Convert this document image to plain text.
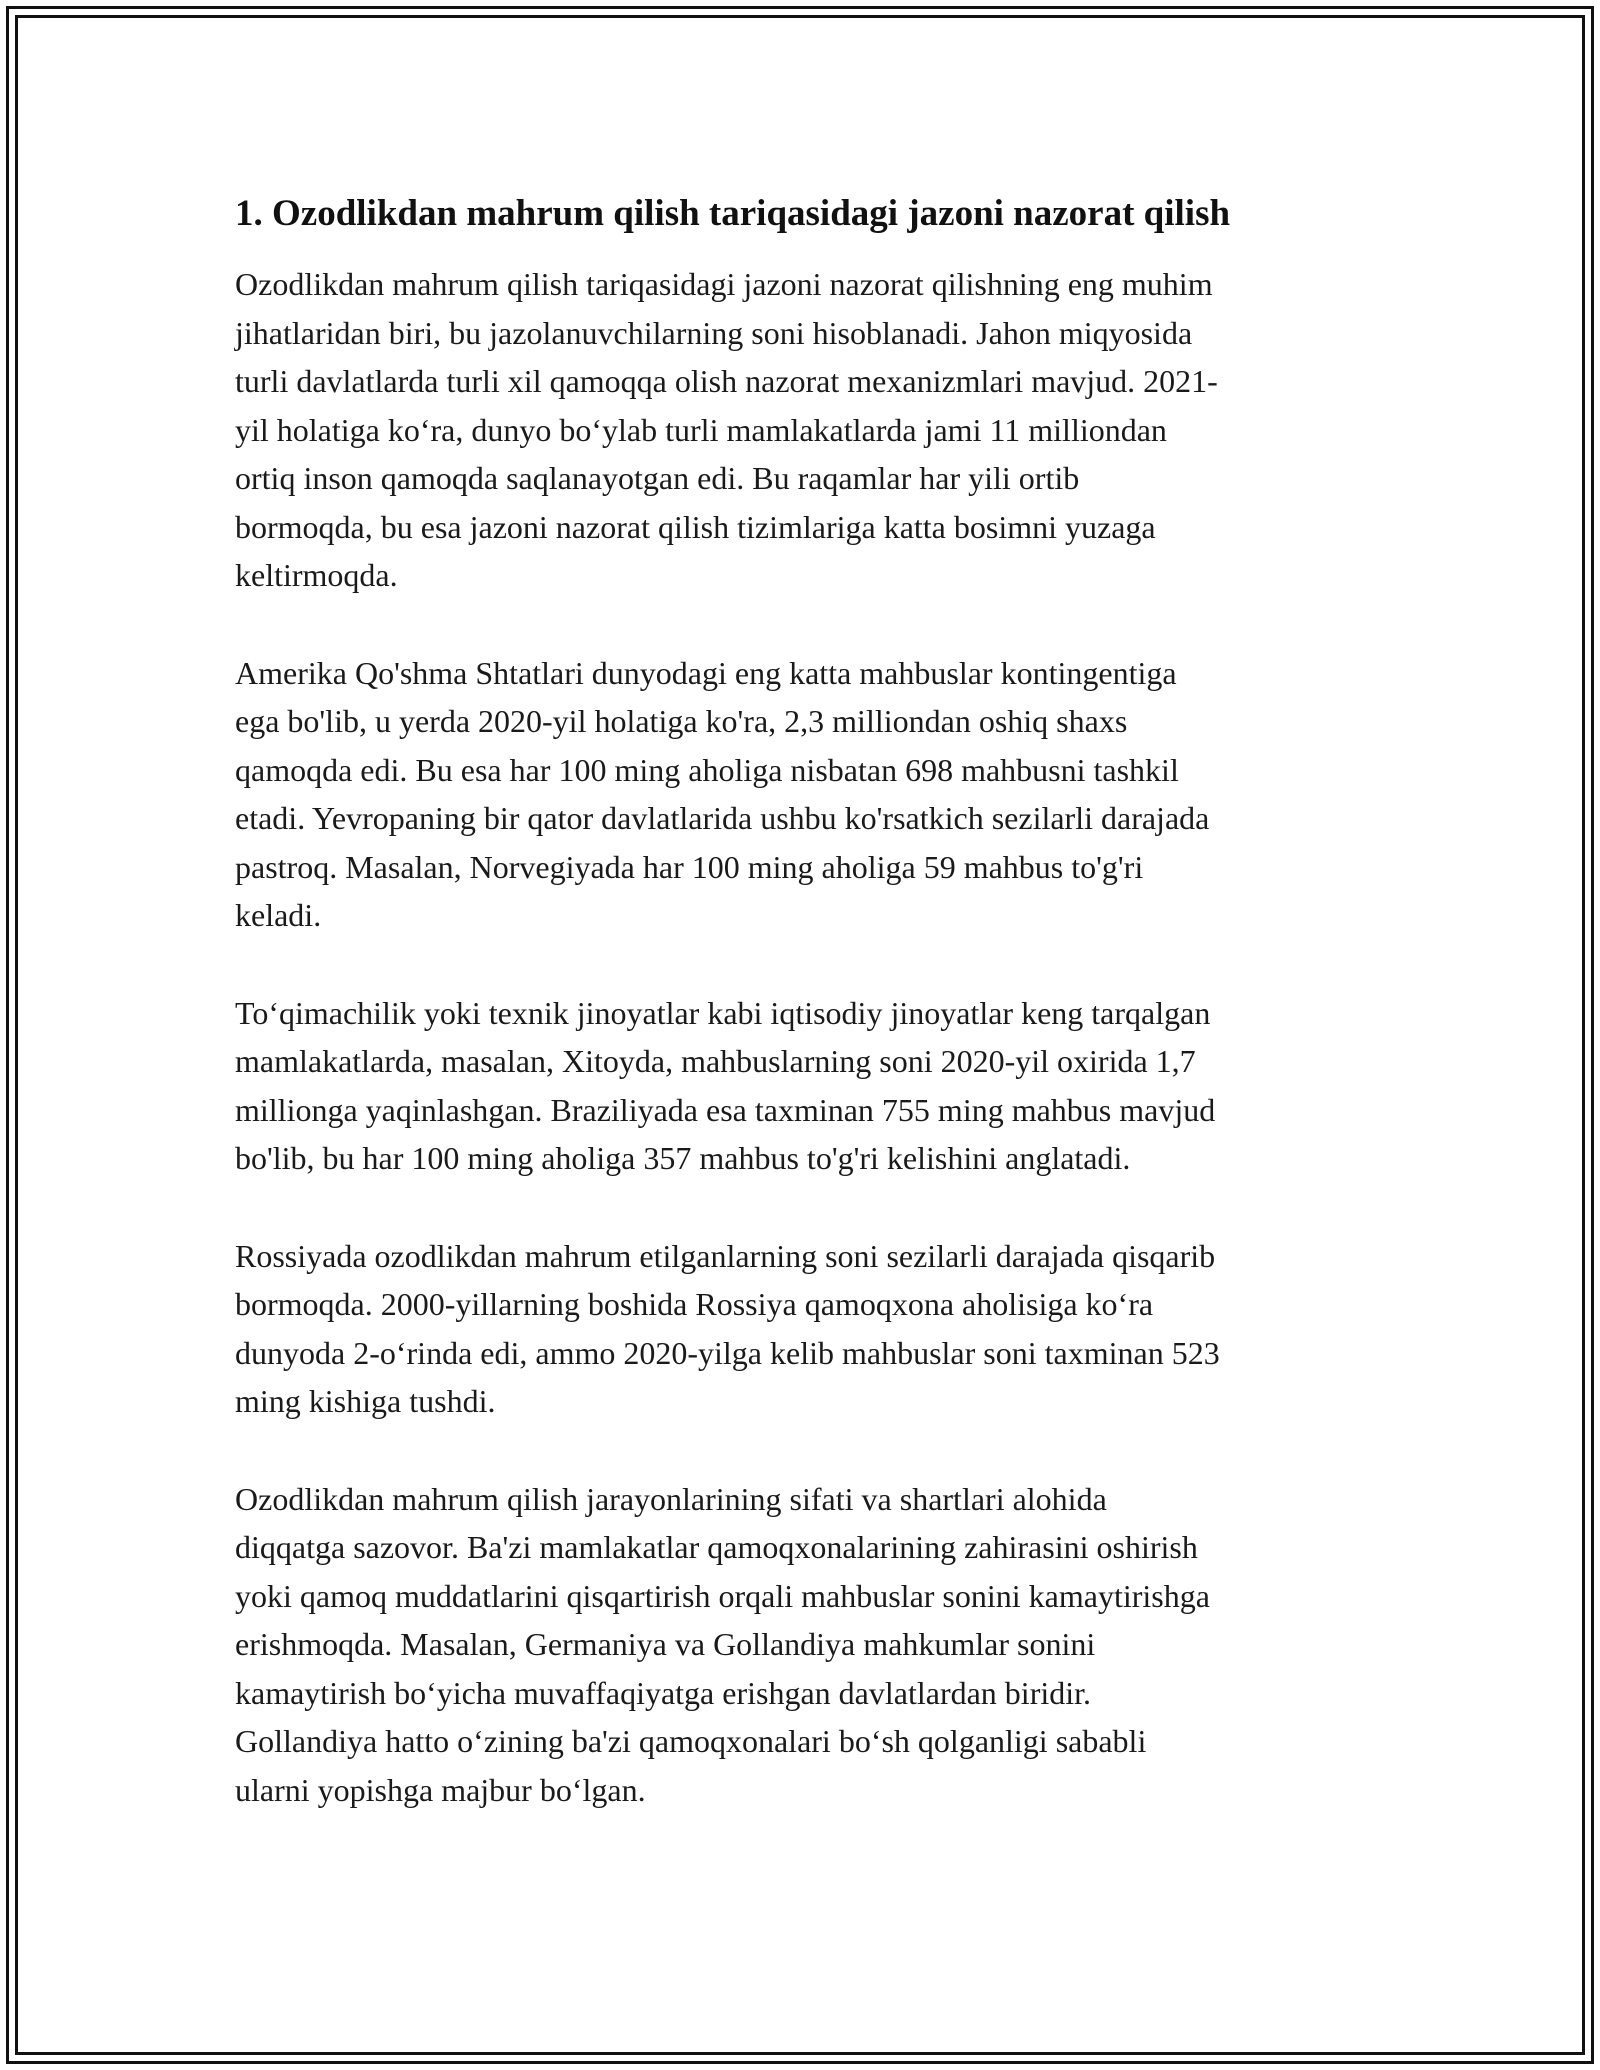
1. Ozodlikdan mahrum qilish tariqasidagi jazoni nazorat qilish

Ozodlikdan mahrum qilish tariqasidagi jazoni nazorat qilishning eng muhim
jihatlaridan biri, bu jazolanuvchilarning soni hisoblanadi. Jahon miqyosida
turli davlatlarda turli xil qamoqqa olish nazorat mexanizmlari mavjud. 2021-
yil holatiga koʻra, dunyo boʻylab turli mamlakatlarda jami 11 milliondan
ortiq inson qamoqda saqlanayotgan edi. Bu raqamlar har yili ortib
bormoqda, bu esa jazoni nazorat qilish tizimlariga katta bosimni yuzaga
keltirmoqda.

Amerika Qo'shma Shtatlari dunyodagi eng katta mahbuslar kontingentiga
ega bo'lib, u yerda 2020-yil holatiga ko'ra, 2,3 milliondan oshiq shaxs
qamoqda edi. Bu esa har 100 ming aholiga nisbatan 698 mahbusni tashkil
etadi. Yevropaning bir qator davlatlarida ushbu ko'rsatkich sezilarli darajada
pastroq. Masalan, Norvegiyada har 100 ming aholiga 59 mahbus to'g'ri
keladi.

Toʻqimachilik yoki texnik jinoyatlar kabi iqtisodiy jinoyatlar keng tarqalgan
mamlakatlarda, masalan, Xitoyda, mahbuslarning soni 2020-yil oxirida 1,7
millionga yaqinlashgan. Braziliyada esa taxminan 755 ming mahbus mavjud
bo'lib, bu har 100 ming aholiga 357 mahbus to'g'ri kelishini anglatadi.

Rossiyada ozodlikdan mahrum etilganlarning soni sezilarli darajada qisqarib
bormoqda. 2000-yillarning boshida Rossiya qamoqxona aholisiga koʻra
dunyoda 2-oʻrinda edi, ammo 2020-yilga kelib mahbuslar soni taxminan 523
ming kishiga tushdi.

Ozodlikdan mahrum qilish jarayonlarining sifati va shartlari alohida
diqqatga sazovor. Ba'zi mamlakatlar qamoqxonalarining zahirasini oshirish
yoki qamoq muddatlarini qisqartirish orqali mahbuslar sonini kamaytirishga
erishmoqda. Masalan, Germaniya va Gollandiya mahkumlar sonini
kamaytirish boʻyicha muvaffaqiyatga erishgan davlatlardan biridir.
Gollandiya hatto oʻzining ba'zi qamoqxonalari boʻsh qolganligi sababli
ularni yopishga majbur boʻlgan.
